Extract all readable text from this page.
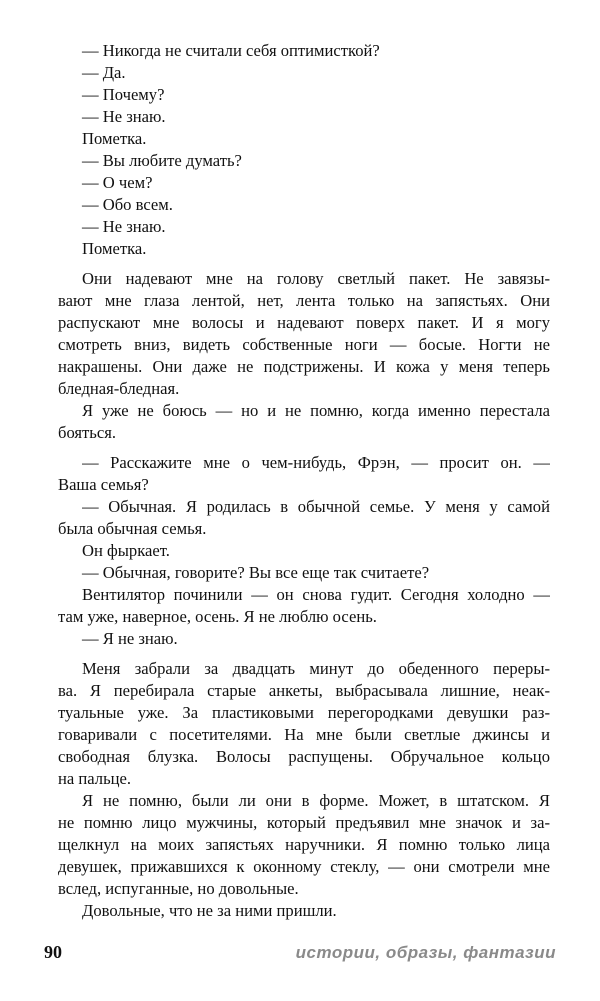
— Никогда не считали себя оптимисткой?
— Да.
— Почему?
— Не знаю.
Пометка.
— Вы любите думать?
— О чем?
— Обо всем.
— Не знаю.
Пометка.
Они надевают мне на голову светлый пакет. Не завязы-
вают мне глаза лентой, нет, лента только на запястьях. Они
распускают мне волосы и надевают поверх пакет. И я могу
смотреть вниз, видеть собственные ноги — босые. Ногти не
накрашены. Они даже не подстрижены. И кожа у меня теперь
бледная-бледная.
Я уже не боюсь — но и не помню, когда именно перестала
бояться.
— Расскажите мне о чем-нибудь, Фрэн, — просит он. —
Ваша семья?
— Обычная. Я родилась в обычной семье. У меня у самой
была обычная семья.
Он фыркает.
— Обычная, говорите? Вы все еще так считаете?
Вентилятор починили — он снова гудит. Сегодня холодно —
там уже, наверное, осень. Я не люблю осень.
— Я не знаю.
Меня забрали за двадцать минут до обеденного переры-
ва. Я перебирала старые анкеты, выбрасывала лишние, неак-
туальные уже. За пластиковыми перегородками девушки раз-
говаривали с посетителями. На мне были светлые джинсы и
свободная блузка. Волосы распущены. Обручальное кольцо
на пальце.
Я не помню, были ли они в форме. Может, в штатском. Я
не помню лицо мужчины, который предъявил мне значок и за-
щелкнул на моих запястьях наручники. Я помню только лица
девушек, прижавшихся к оконному стеклу, — они смотрели мне
вслед, испуганные, но довольные.
Довольные, что не за ними пришли.
90	истории, образы, фантазии
